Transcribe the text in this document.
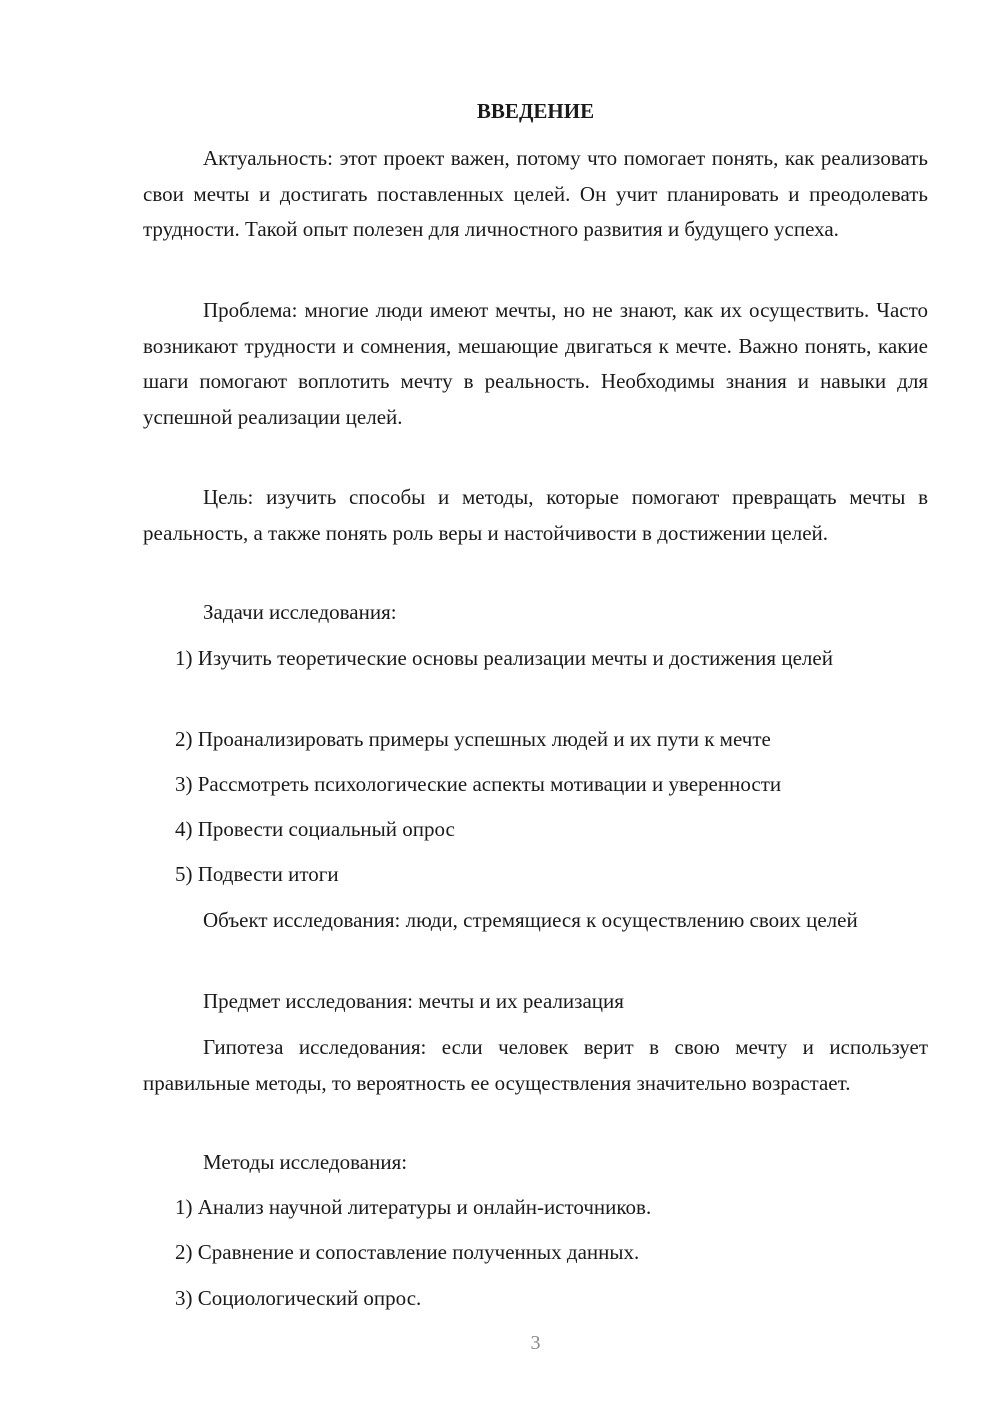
ВВЕДЕНИЕ

Актуальность: этот проект важен, потому что помогает понять, как реализовать свои мечты и достигать поставленных целей. Он учит планировать и преодолевать трудности. Такой опыт полезен для личностного развития и будущего успеха.

Проблема: многие люди имеют мечты, но не знают, как их осуществить. Часто возникают трудности и сомнения, мешающие двигаться к мечте. Важно понять, какие шаги помогают воплотить мечту в реальность. Необходимы знания и навыки для успешной реализации целей.

Цель: изучить способы и методы, которые помогают превращать мечты в реальность, а также понять роль веры и настойчивости в достижении целей.

Задачи исследования:

1) Изучить теоретические основы реализации мечты и достижения целей

2) Проанализировать примеры успешных людей и их пути к мечте

3) Рассмотреть психологические аспекты мотивации и уверенности

4) Провести социальный опрос

5) Подвести итоги

Объект исследования: люди, стремящиеся к осуществлению своих целей

Предмет исследования: мечты и их реализация

Гипотеза исследования: если человек верит в свою мечту и использует правильные методы, то вероятность ее осуществления значительно возрастает.

Методы исследования:

1) Анализ научной литературы и онлайн-источников.

2) Сравнение и сопоставление полученных данных.

3) Социологический опрос.

3
